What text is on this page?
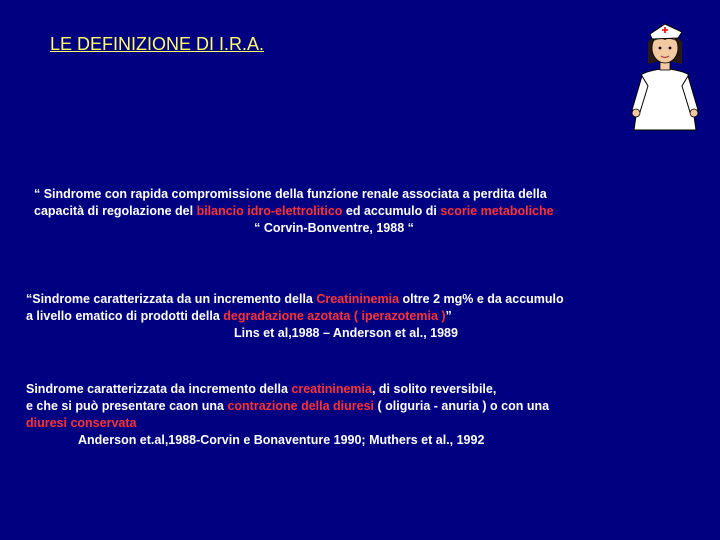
LE DEFINIZIONE DI I.R.A.
“ Sindrome con rapida compromissione della funzione renale associata a perdita della
capacità di regolazione del bilancio idro-elettrolitico ed accumulo di scorie metaboliche
“ Corvin-Bonventre, 1988 “
“Sindrome caratterizzata da un incremento della Creatininemia oltre 2 mg% e da accumulo
a livello ematico di prodotti della degradazione azotata ( iperazotemia )”
Lins et al,1988 – Anderson et al., 1989
Sindrome caratterizzata da incremento della creatininemia, di solito reversibile,
e che si può presentare caon una contrazione della diuresi ( oliguria - anuria ) o con una
diuresi conservata
Anderson et.al,1988-Corvin e Bonaventure 1990; Muthers et al., 1992
